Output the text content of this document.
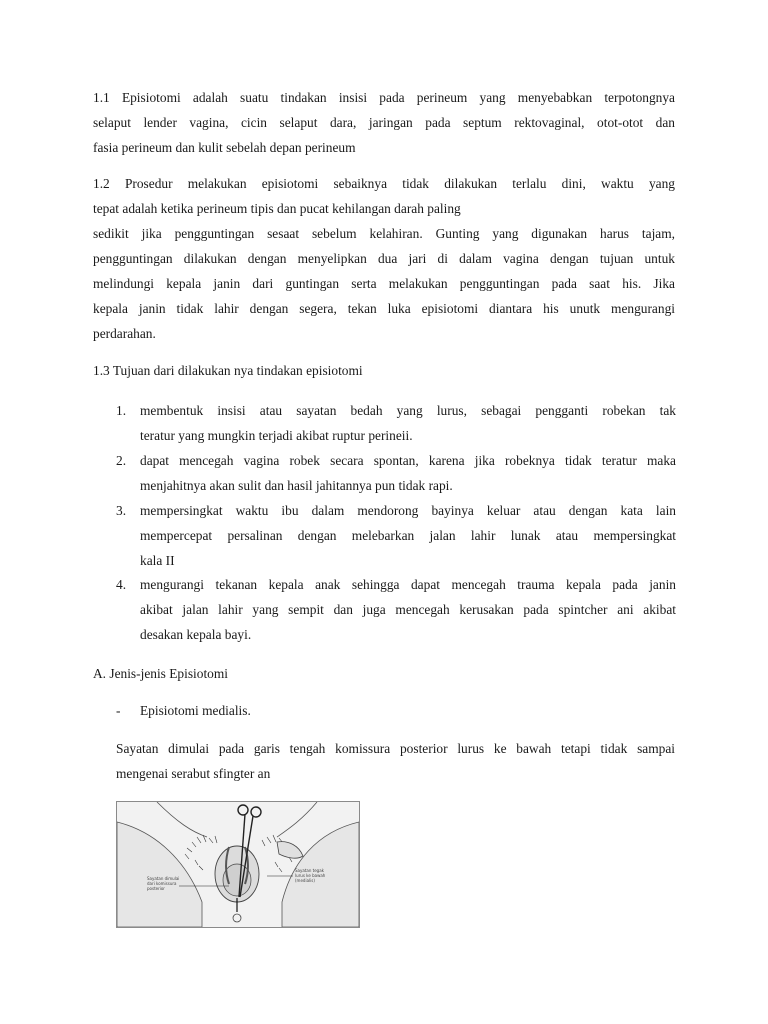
1.1 Episiotomi adalah suatu tindakan insisi pada perineum yang menyebabkan terpotongnya
selaput lender vagina, cicin selaput dara, jaringan pada septum rektovaginal, otot-otot dan
fasia perineum dan kulit sebelah depan perineum

1.2 Prosedur melakukan episiotomi sebaiknya tidak dilakukan terlalu dini, waktu yang
tepat adalah ketika perineum tipis dan pucat kehilangan darah paling
sedikit jika pengguntingan sesaat sebelum kelahiran. Gunting yang digunakan harus tajam,
pengguntingan dilakukan dengan menyelipkan dua jari di dalam vagina dengan tujuan untuk
melindungi kepala janin dari guntingan serta melakukan pengguntingan pada saat his. Jika
kepala janin tidak lahir dengan segera, tekan luka episiotomi diantara his unutk mengurangi
perdarahan.

1.3 Tujuan dari dilakukan nya tindakan episiotomi

1.	membentuk insisi atau sayatan bedah yang lurus, sebagai pengganti robekan tak
teratur yang mungkin terjadi akibat ruptur perineii.
2.	dapat mencegah vagina robek secara spontan, karena jika robeknya tidak teratur maka
menjahitnya akan sulit dan hasil jahitannya pun tidak rapi.
3.	mempersingkat waktu ibu dalam mendorong bayinya keluar atau dengan kata lain
mempercepat persalinan dengan melebarkan jalan lahir lunak atau mempersingkat
kala II
4.	mengurangi tekanan kepala anak sehingga dapat mencegah trauma kepala pada janin
akibat jalan lahir yang sempit dan juga mencegah kerusakan pada spintcher ani akibat
desakan kepala bayi.

A. Jenis-jenis Episiotomi

-	Episiotomi medialis.

Sayatan dimulai pada garis tengah komissura posterior lurus ke bawah tetapi tidak sampai
mengenai serabut sfingter an

Sayatan dimulai
dari komissura
posterior
Sayatan tegak
lurus ke bawah
(medialis)
